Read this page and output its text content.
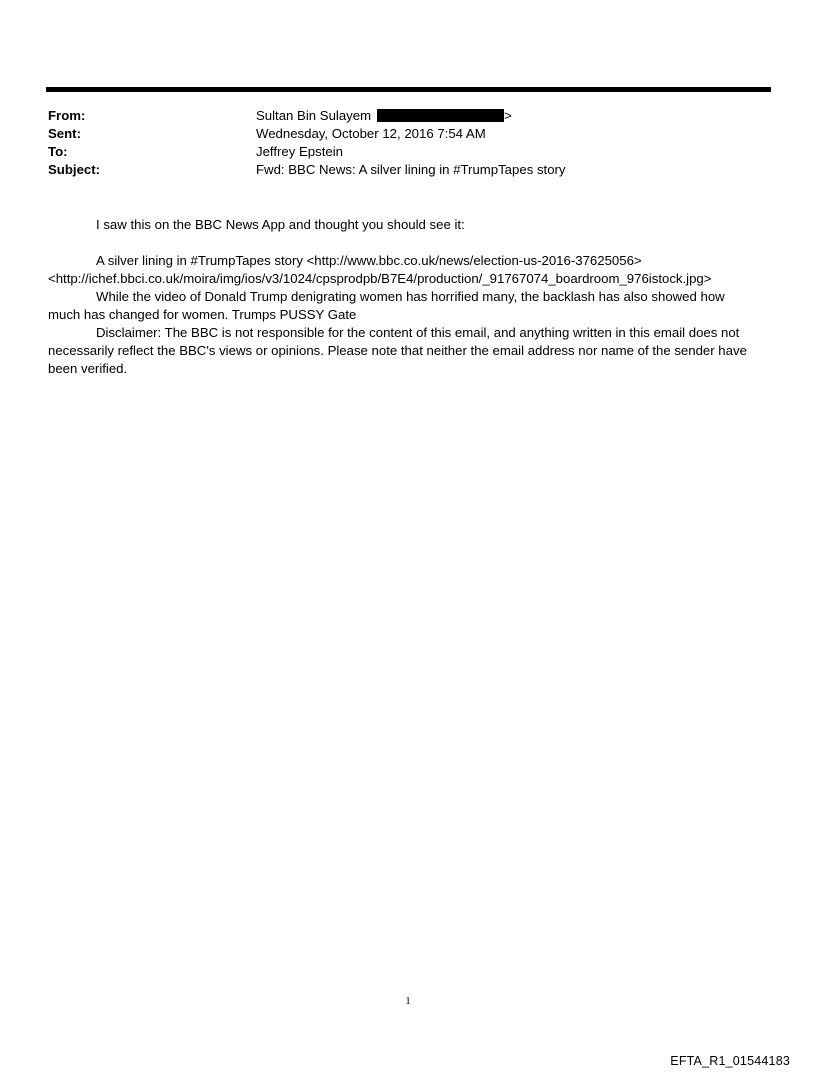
From:	Sultan Bin Sulayem	>
Sent:	Wednesday, October 12, 2016 7:54 AM
To:	Jeffrey Epstein
Subject:	Fwd: BBC News: A silver lining in #TrumpTapes story

I saw this on the BBC News App and thought you should see it:

A silver lining in #TrumpTapes story <http://www.bbc.co.uk/news/election-us-2016-37625056>

<http://ichef.bbci.co.uk/moira/img/ios/v3/1024/cpsprodpb/B7E4/production/_91767074_boardroom_976istock.jpg>

While the video of Donald Trump denigrating women has horrified many, the backlash has also showed how much has changed for women. Trumps PUSSY Gate

Disclaimer: The BBC is not responsible for the content of this email, and anything written in this email does not necessarily reflect the BBC's views or opinions. Please note that neither the email address nor name of the sender have been verified.

1
EFTA_R1_01544183
